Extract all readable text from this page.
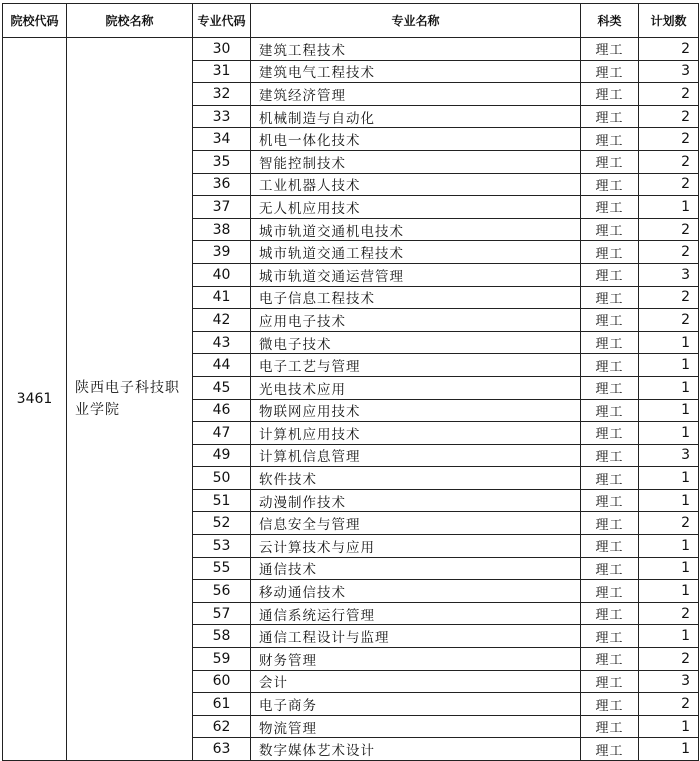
院校代码	院校名称	专业代码	专业名称	科类	计划数
3461	陕西电子科技职业学院	30	建筑工程技术	理工	2
		31	建筑电气工程技术	理工	3
		32	建筑经济管理	理工	2
		33	机械制造与自动化	理工	2
		34	机电一体化技术	理工	2
		35	智能控制技术	理工	2
		36	工业机器人技术	理工	2
		37	无人机应用技术	理工	1
		38	城市轨道交通机电技术	理工	2
		39	城市轨道交通工程技术	理工	2
		40	城市轨道交通运营管理	理工	3
		41	电子信息工程技术	理工	2
		42	应用电子技术	理工	2
		43	微电子技术	理工	1
		44	电子工艺与管理	理工	1
		45	光电技术应用	理工	1
		46	物联网应用技术	理工	1
		47	计算机应用技术	理工	1
		49	计算机信息管理	理工	3
		50	软件技术	理工	1
		51	动漫制作技术	理工	1
		52	信息安全与管理	理工	2
		53	云计算技术与应用	理工	1
		55	通信技术	理工	1
		56	移动通信技术	理工	1
		57	通信系统运行管理	理工	2
		58	通信工程设计与监理	理工	1
		59	财务管理	理工	2
		60	会计	理工	3
		61	电子商务	理工	2
		62	物流管理	理工	1
		63	数字媒体艺术设计	理工	1
